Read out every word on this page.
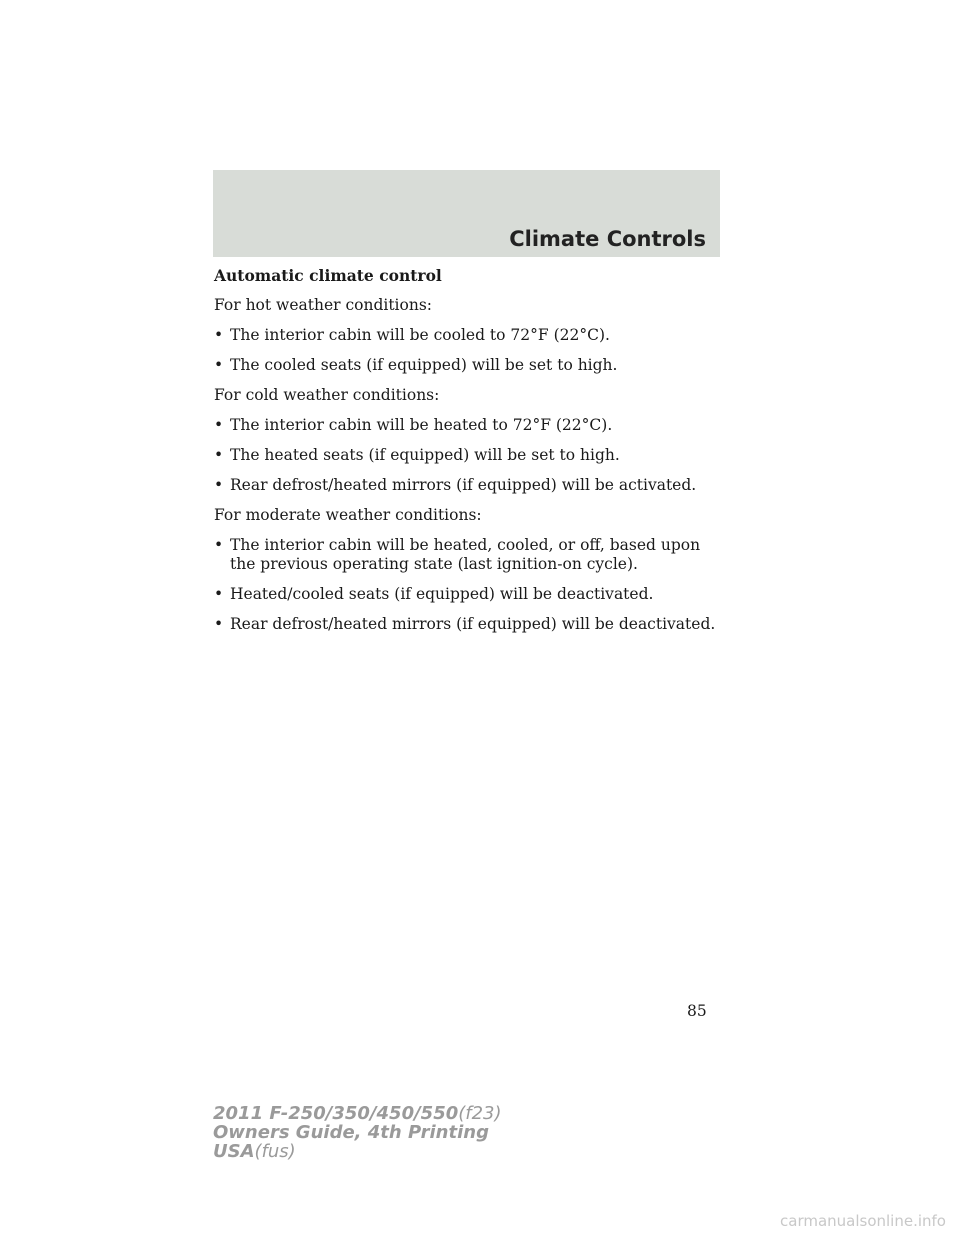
Climate Controls

Automatic climate control

For hot weather conditions:

• The interior cabin will be cooled to 72°F (22°C).
• The cooled seats (if equipped) will be set to high.

For cold weather conditions:

• The interior cabin will be heated to 72°F (22°C).
• The heated seats (if equipped) will be set to high.
• Rear defrost/heated mirrors (if equipped) will be activated.

For moderate weather conditions:

• The interior cabin will be heated, cooled, or off, based upon the previous operating state (last ignition-on cycle).
• Heated/cooled seats (if equipped) will be deactivated.
• Rear defrost/heated mirrors (if equipped) will be deactivated.
85
2011 F-250/350/450/550(f23)
Owners Guide, 4th Printing
USA(fus)
carmanualsonline.info
